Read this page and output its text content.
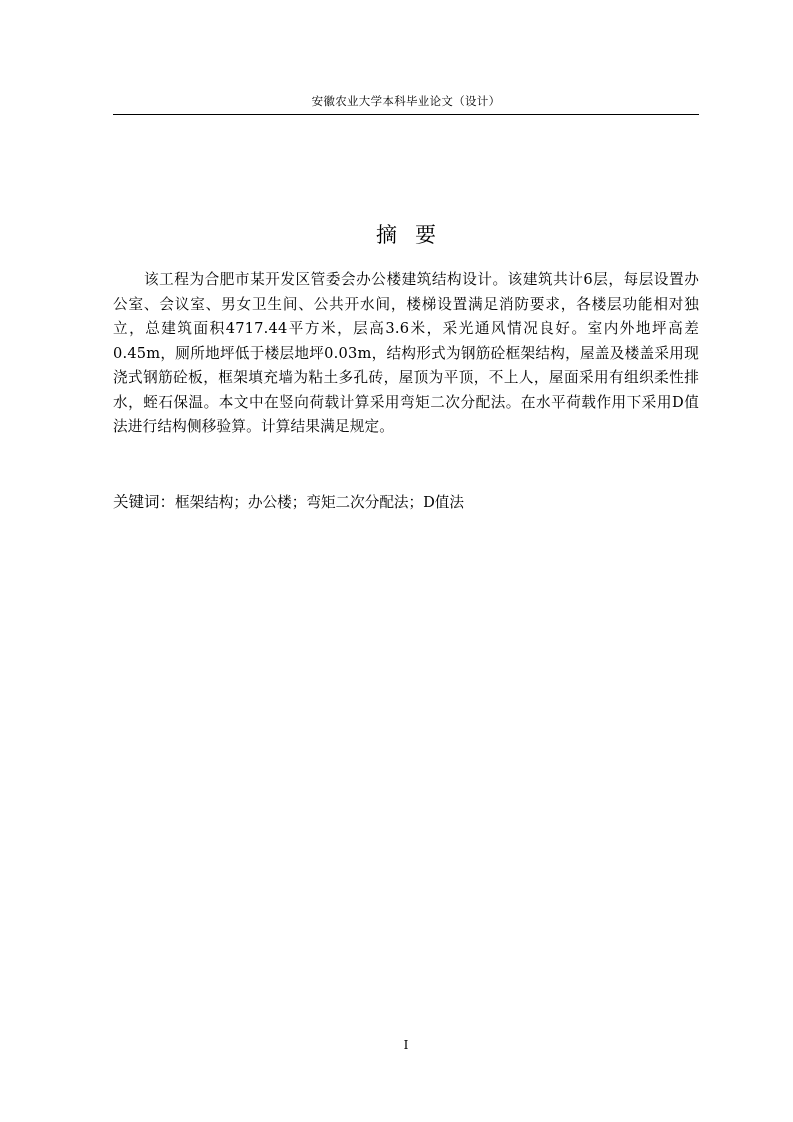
安徽农业大学本科毕业论文（设计）
摘要

该工程为合肥市某开发区管委会办公楼建筑结构设计。该建筑共计6层，每层设置办公室、会议室、男女卫生间、公共开水间，楼梯设置满足消防要求，各楼层功能相对独立，总建筑面积4717.44平方米，层高3.6米，采光通风情况良好。室内外地坪高差0.45m，厕所地坪低于楼层地坪0.03m，结构形式为钢筋砼框架结构，屋盖及楼盖采用现浇式钢筋砼板，框架填充墙为粘土多孔砖，屋顶为平顶，不上人，屋面采用有组织柔性排水，蛭石保温。本文中在竖向荷载计算采用弯矩二次分配法。在水平荷载作用下采用D值法进行结构侧移验算。计算结果满足规定。

关键词：框架结构；办公楼；弯矩二次分配法；D值法
I
